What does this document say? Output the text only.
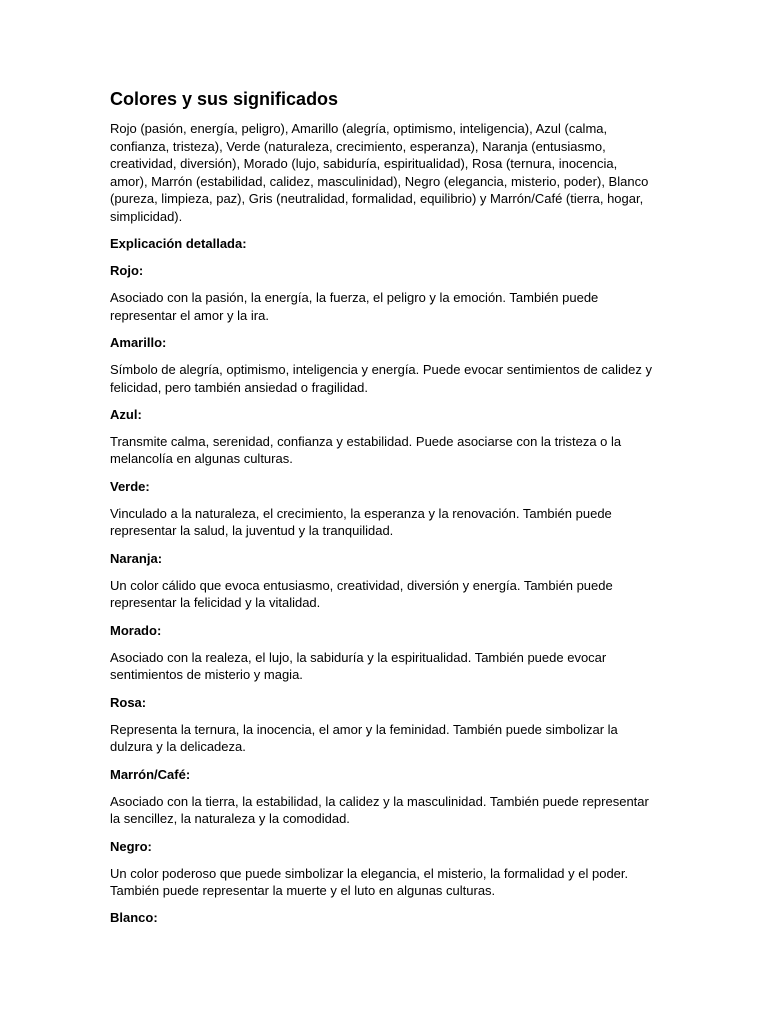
Colores y sus significados

Rojo (pasión, energía, peligro), Amarillo (alegría, optimismo, inteligencia), Azul (calma, confianza, tristeza), Verde (naturaleza, crecimiento, esperanza), Naranja (entusiasmo, creatividad, diversión), Morado (lujo, sabiduría, espiritualidad), Rosa (ternura, inocencia, amor), Marrón (estabilidad, calidez, masculinidad), Negro (elegancia, misterio, poder), Blanco (pureza, limpieza, paz), Gris (neutralidad, formalidad, equilibrio) y Marrón/Café (tierra, hogar, simplicidad).

Explicación detallada:

Rojo:

Asociado con la pasión, la energía, la fuerza, el peligro y la emoción. También puede representar el amor y la ira.

Amarillo:

Símbolo de alegría, optimismo, inteligencia y energía. Puede evocar sentimientos de calidez y felicidad, pero también ansiedad o fragilidad.

Azul:

Transmite calma, serenidad, confianza y estabilidad. Puede asociarse con la tristeza o la melancolía en algunas culturas.

Verde:

Vinculado a la naturaleza, el crecimiento, la esperanza y la renovación. También puede representar la salud, la juventud y la tranquilidad.

Naranja:

Un color cálido que evoca entusiasmo, creatividad, diversión y energía. También puede representar la felicidad y la vitalidad.

Morado:

Asociado con la realeza, el lujo, la sabiduría y la espiritualidad. También puede evocar sentimientos de misterio y magia.

Rosa:

Representa la ternura, la inocencia, el amor y la feminidad. También puede simbolizar la dulzura y la delicadeza.

Marrón/Café:

Asociado con la tierra, la estabilidad, la calidez y la masculinidad. También puede representar la sencillez, la naturaleza y la comodidad.

Negro:

Un color poderoso que puede simbolizar la elegancia, el misterio, la formalidad y el poder. También puede representar la muerte y el luto en algunas culturas.

Blanco:
